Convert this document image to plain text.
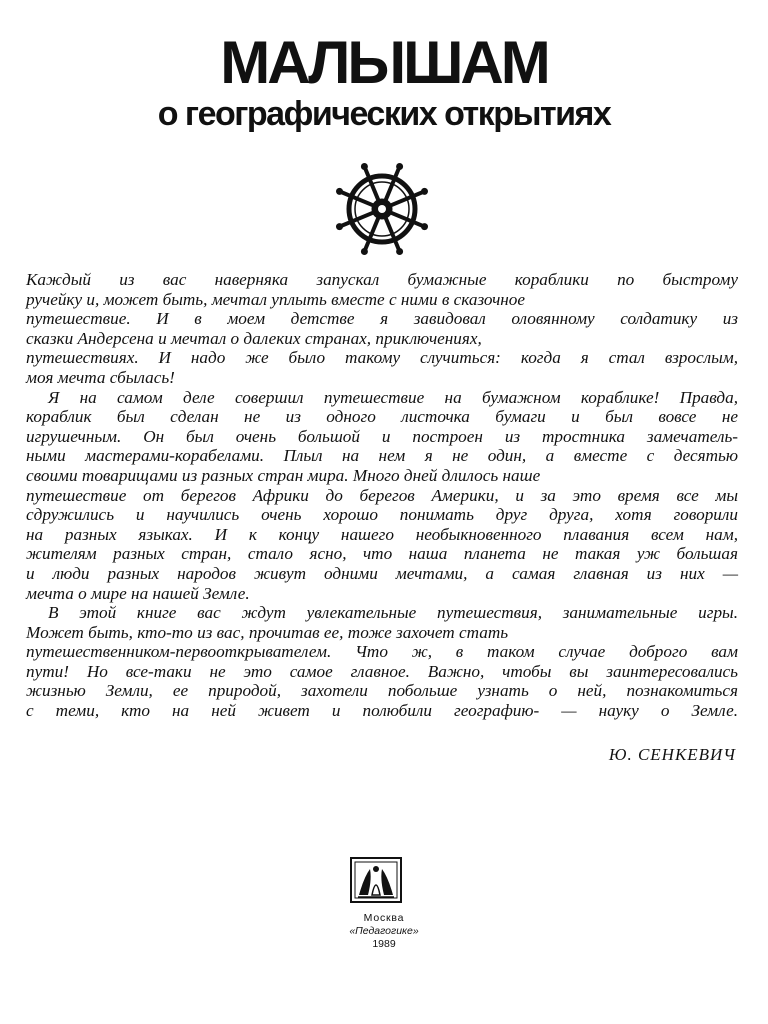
МАЛЫШАМ
о географических открытиях
Каждый из вас наверняка запускал бумажные кораблики по быстрому
ручейку и, может быть, мечтал уплыть вместе с ними в сказочное
путешествие. И в моем детстве я завидовал оловянному солдатику из
сказки Андерсена и мечтал о далеких странах, приключениях,
путешествиях. И надо же было такому случиться: когда я стал взрослым,
моя мечта сбылась!
Я на самом деле совершил путешествие на бумажном кораблике! Правда,
кораблик был сделан не из одного листочка бумаги и был вовсе не
игрушечным. Он был очень большой и построен из тростника замечатель-
ными мастерами-корабелами. Плыл на нем я не один, а вместе с десятью
своими товарищами из разных стран мира. Много дней длилось наше
путешествие от берегов Африки до берегов Америки, и за это время все мы
сдружились и научились очень хорошо понимать друг друга, хотя говорили
на разных языках. И к концу нашего необыкновенного плавания всем нам,
жителям разных стран, стало ясно, что наша планета не такая уж большая
и люди разных народов живут одними мечтами, а самая главная из них —
мечта о мире на нашей Земле.
В этой книге вас ждут увлекательные путешествия, занимательные игры.
Может быть, кто-то из вас, прочитав ее, тоже захочет стать
путешественником-первооткрывателем. Что ж, в таком случае доброго вам
пути! Но все-таки не это самое главное. Важно, чтобы вы заинтересовались
жизнью Земли, ее природой, захотели побольше узнать о ней, познакомиться
с теми, кто на ней живет и полюбили географию- — науку о Земле.
Ю. СЕНКЕВИЧ
Москва
«Педагогике»
1989
